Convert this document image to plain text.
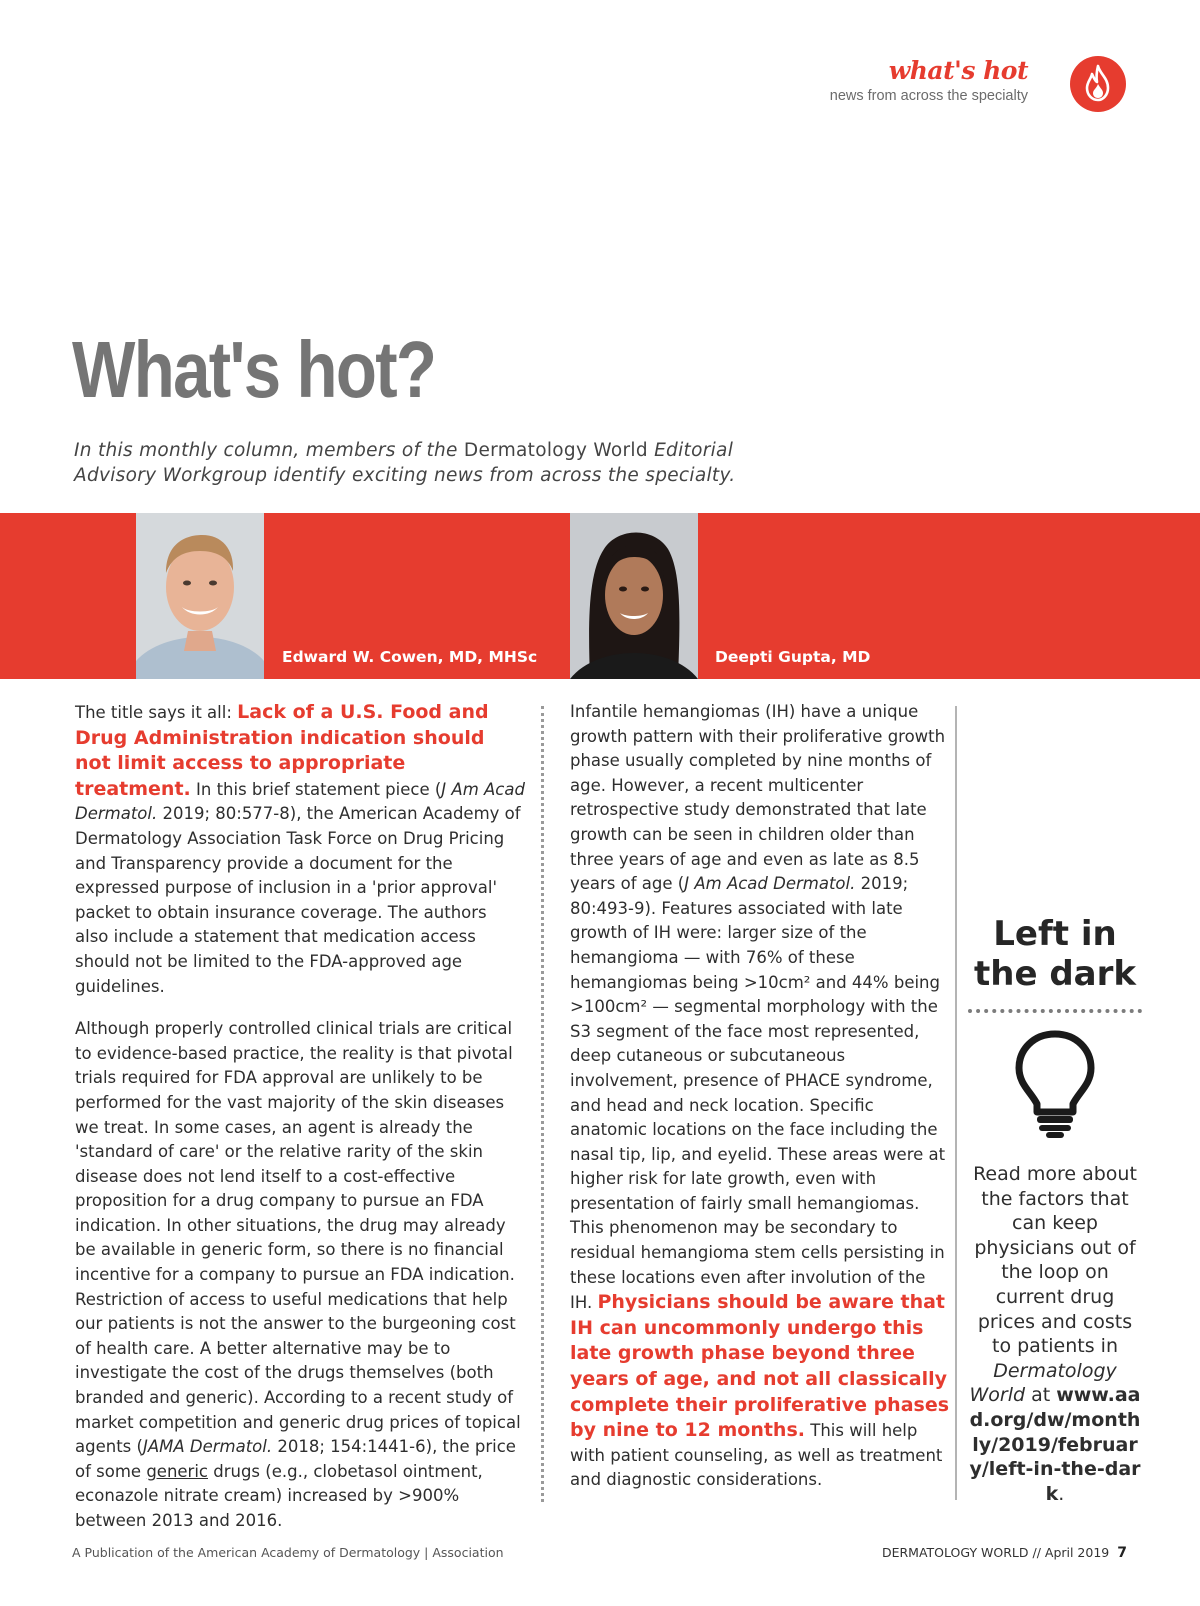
what's hot
news from across the specialty
What's hot?
In this monthly column, members of the Dermatology World Editorial Advisory Workgroup identify exciting news from across the specialty.
Edward W. Cowen, MD, MHSc	Deepti Gupta, MD

The title says it all: Lack of a U.S. Food and Drug Administration indication should not limit access to appropriate treatment. In this brief statement piece (J Am Acad Dermatol. 2019; 80:577-8), the American Academy of Dermatology Association Task Force on Drug Pricing and Transparency provide a document for the expressed purpose of inclusion in a 'prior approval' packet to obtain insurance coverage. The authors also include a statement that medication access should not be limited to the FDA-approved age guidelines.

Although properly controlled clinical trials are critical to evidence-based practice, the reality is that pivotal trials required for FDA approval are unlikely to be performed for the vast majority of the skin diseases we treat. In some cases, an agent is already the 'standard of care' or the relative rarity of the skin disease does not lend itself to a cost-effective proposition for a drug company to pursue an FDA indication. In other situations, the drug may already be available in generic form, so there is no financial incentive for a company to pursue an FDA indication. Restriction of access to useful medications that help our patients is not the answer to the burgeoning cost of health care. A better alternative may be to investigate the cost of the drugs themselves (both branded and generic). According to a recent study of market competition and generic drug prices of topical agents (JAMA Dermatol. 2018; 154:1441-6), the price of some generic drugs (e.g., clobetasol ointment, econazole nitrate cream) increased by >900% between 2013 and 2016.

Infantile hemangiomas (IH) have a unique growth pattern with their proliferative growth phase usually completed by nine months of age. However, a recent multicenter retrospective study demonstrated that late growth can be seen in children older than three years of age and even as late as 8.5 years of age (J Am Acad Dermatol. 2019; 80:493-9). Features associated with late growth of IH were: larger size of the hemangioma — with 76% of these hemangiomas being >10cm² and 44% being >100cm² — segmental morphology with the S3 segment of the face most represented, deep cutaneous or subcutaneous involvement, presence of PHACE syndrome, and head and neck location. Specific anatomic locations on the face including the nasal tip, lip, and eyelid. These areas were at higher risk for late growth, even with presentation of fairly small hemangiomas. This phenomenon may be secondary to residual hemangioma stem cells persisting in these locations even after involution of the IH. Physicians should be aware that IH can uncommonly undergo this late growth phase beyond three years of age, and not all classically complete their proliferative phases by nine to 12 months. This will help with patient counseling, as well as treatment and diagnostic considerations.

Left in the dark
Read more about the factors that can keep physicians out of the loop on current drug prices and costs to patients in Dermatology World at www.aad.org/dw/monthly/2019/february/left-in-the-dark.
A Publication of the American Academy of Dermatology | Association	DERMATOLOGY WORLD // April 2019 7
